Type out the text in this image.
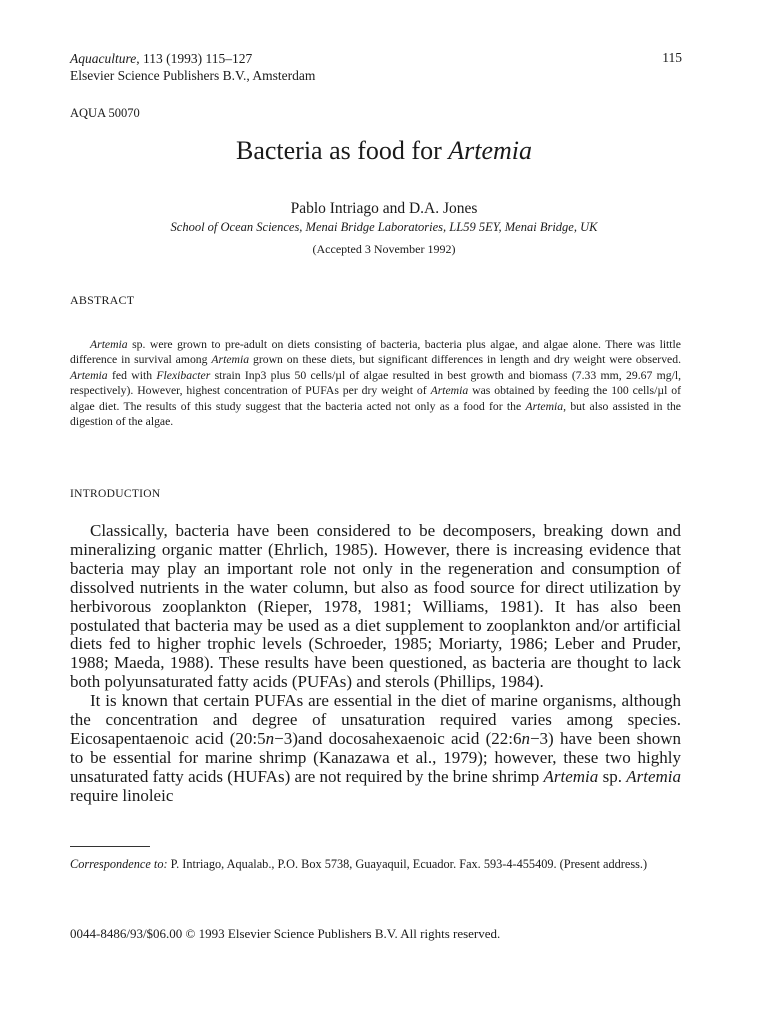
Aquaculture, 113 (1993) 115–127
Elsevier Science Publishers B.V., Amsterdam
115
AQUA 50070
Bacteria as food for Artemia
Pablo Intriago and D.A. Jones
School of Ocean Sciences, Menai Bridge Laboratories, LL59 5EY, Menai Bridge, UK
(Accepted 3 November 1992)
ABSTRACT
Artemia sp. were grown to pre-adult on diets consisting of bacteria, bacteria plus algae, and algae alone. There was little difference in survival among Artemia grown on these diets, but significant differences in length and dry weight were observed. Artemia fed with Flexibacter strain Inp3 plus 50 cells/µl of algae resulted in best growth and biomass (7.33 mm, 29.67 mg/l, respectively). However, highest concentration of PUFAs per dry weight of Artemia was obtained by feeding the 100 cells/µl of algae diet. The results of this study suggest that the bacteria acted not only as a food for the Artemia, but also assisted in the digestion of the algae.
INTRODUCTION

Classically, bacteria have been considered to be decomposers, breaking down and mineralizing organic matter (Ehrlich, 1985). However, there is increasing evidence that bacteria may play an important role not only in the regeneration and consumption of dissolved nutrients in the water column, but also as food source for direct utilization by herbivorous zooplankton (Rieper, 1978, 1981; Williams, 1981). It has also been postulated that bacteria may be used as a diet supplement to zooplankton and/or artificial diets fed to higher trophic levels (Schroeder, 1985; Moriarty, 1986; Leber and Pruder, 1988; Maeda, 1988). These results have been questioned, as bacteria are thought to lack both polyunsaturated fatty acids (PUFAs) and sterols (Phillips, 1984).

It is known that certain PUFAs are essential in the diet of marine organisms, although the concentration and degree of unsaturation required varies among species. Eicosapentaenoic acid (20:5n−3)and docosahexaenoic acid (22:6n−3) have been shown to be essential for marine shrimp (Kanazawa et al., 1979); however, these two highly unsaturated fatty acids (HUFAs) are not required by the brine shrimp Artemia sp. Artemia require linoleic

Correspondence to: P. Intriago, Aqualab., P.O. Box 5738, Guayaquil, Ecuador. Fax. 593-4-455409. (Present address.)
0044-8486/93/$06.00 © 1993 Elsevier Science Publishers B.V. All rights reserved.
